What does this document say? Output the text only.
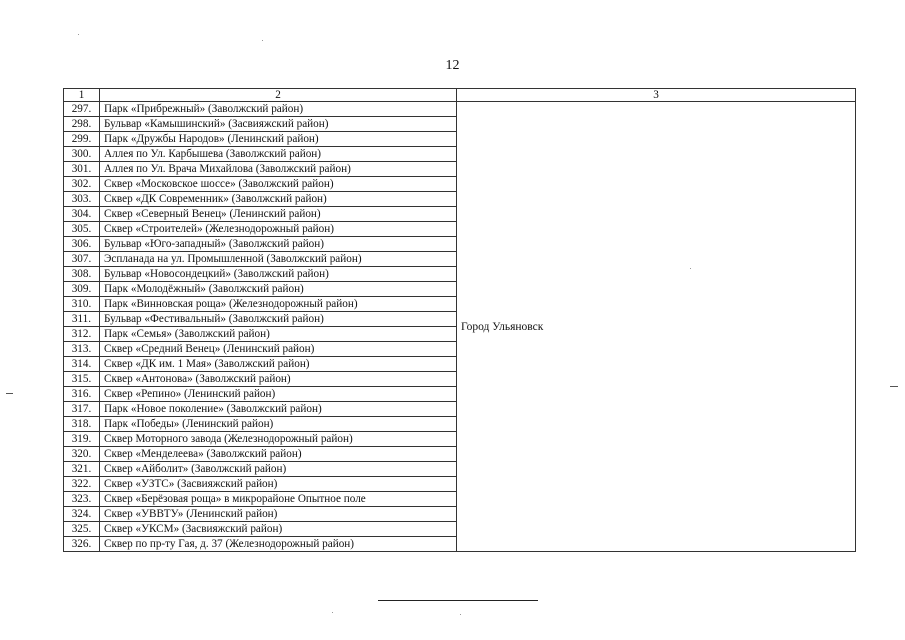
12
1	2	3
297.	Парк «Прибрежный» (Заволжский район)	Город Ульяновск
298.	Бульвар «Камышинский» (Засвияжский район)	
299.	Парк «Дружбы Народов» (Ленинский район)	
300.	Аллея по Ул. Карбышева (Заволжский район)	
301.	Аллея по Ул. Врача Михайлова (Заволжский район)	
302.	Сквер «Московское шоссе» (Заволжский район)	
303.	Сквер «ДК Современник» (Заволжский район)	
304.	Сквер «Северный Венец» (Ленинский район)	
305.	Сквер «Строителей» (Железнодорожный район)	
306.	Бульвар «Юго-западный» (Заволжский район)	
307.	Эспланада на ул. Промышленной (Заволжский район)	
308.	Бульвар «Новосондецкий» (Заволжский район)	
309.	Парк «Молодёжный» (Заволжский район)	
310.	Парк «Винновская роща» (Железнодорожный район)	
311.	Бульвар «Фестивальный» (Заволжский район)	
312.	Парк «Семья» (Заволжский район)	
313.	Сквер «Средний Венец» (Ленинский район)	
314.	Сквер «ДК им. 1 Мая» (Заволжский район)	
315.	Сквер «Антонова» (Заволжский район)	
316.	Сквер «Репино» (Ленинский район)	
317.	Парк «Новое поколение» (Заволжский район)	
318.	Парк «Победы» (Ленинский район)	
319.	Сквер Моторного завода (Железнодорожный район)	
320.	Сквер «Менделеева» (Заволжский район)	
321.	Сквер «Айболит» (Заволжский район)	
322.	Сквер «УЗТС» (Засвияжский район)	
323.	Сквер «Берёзовая роща» в микрорайоне Опытное поле	
324.	Сквер «УВВТУ» (Ленинский район)	
325.	Сквер «УКСМ» (Засвияжский район)	
326.	Сквер по пр-ту Гая, д. 37 (Железнодорожный район)	
